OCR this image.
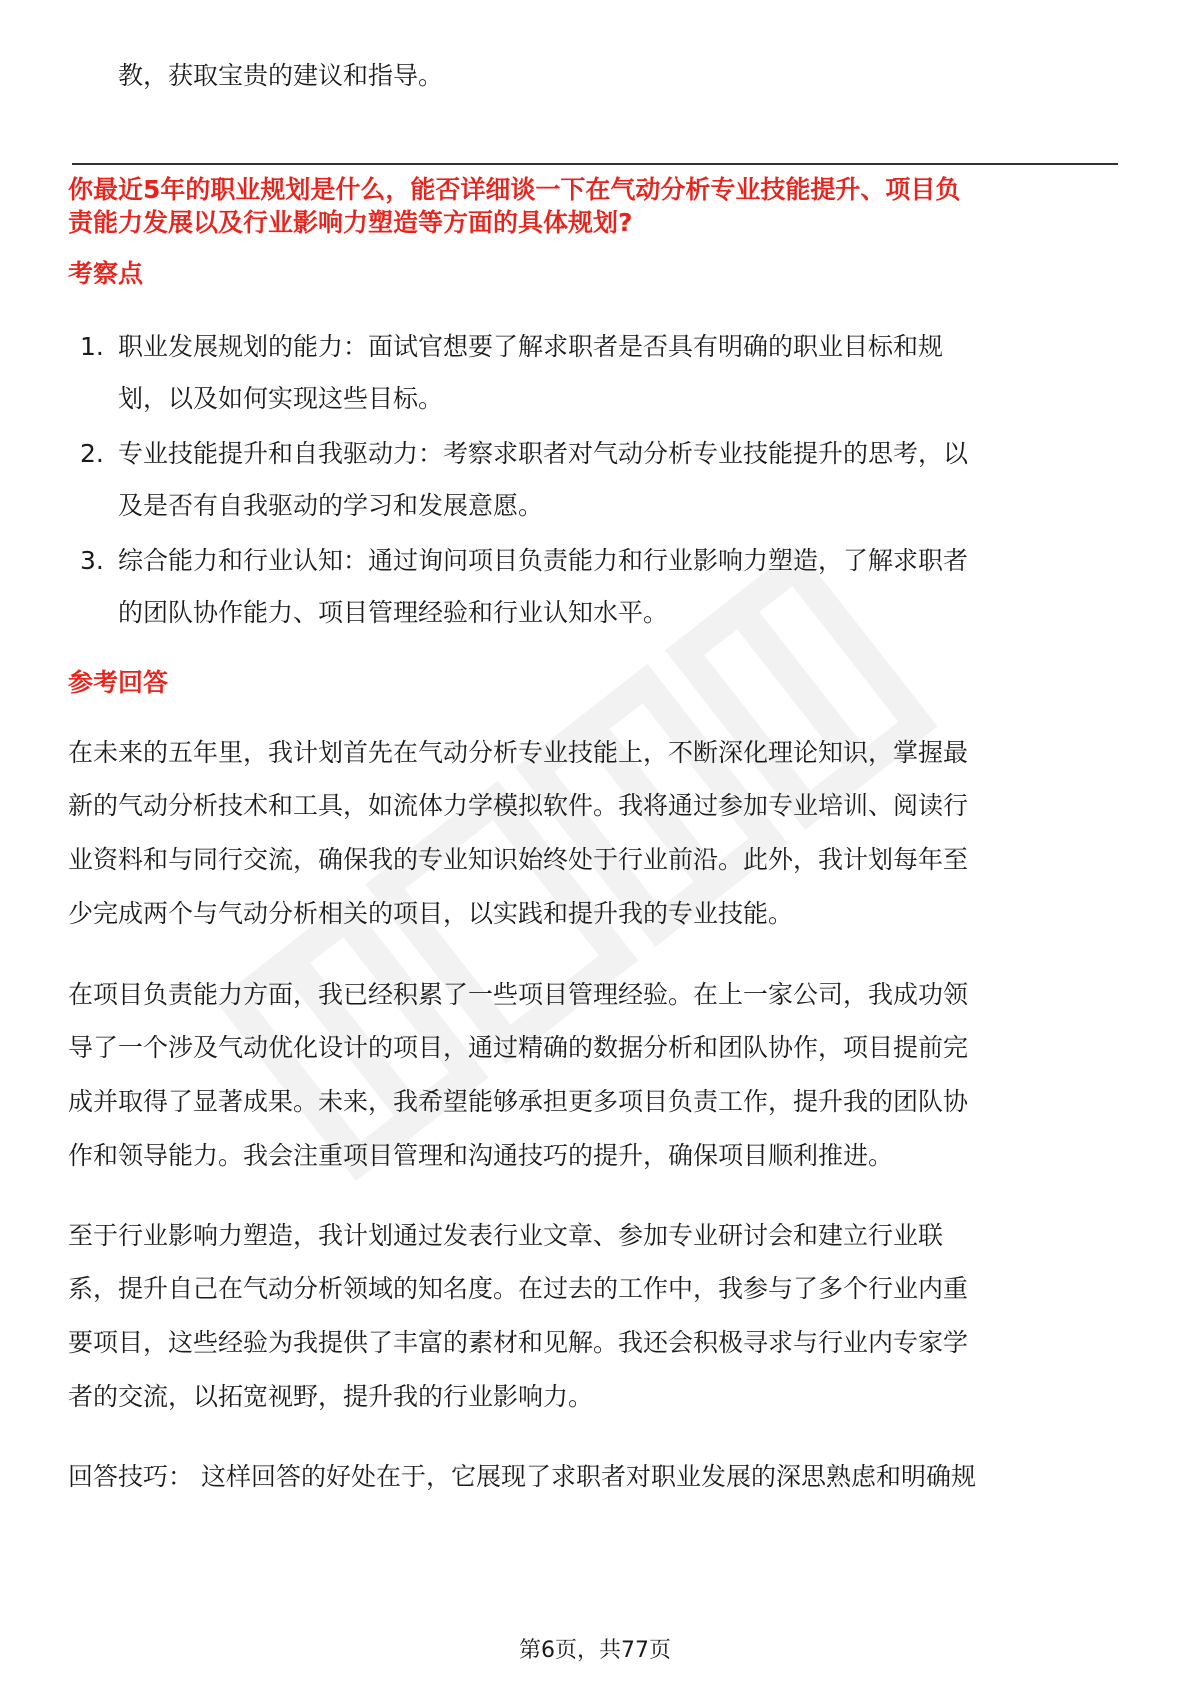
教，获取宝贵的建议和指导。

你最近5年的职业规划是什么，能否详细谈一下在气动分析专业技能提升、项目负

责能力发展以及行业影响力塑造等方面的具体规划?

考察点

1. 职业发展规划的能力：面试官想要了解求职者是否具有明确的职业目标和规

划，以及如何实现这些目标。

2. 专业技能提升和自我驱动力：考察求职者对气动分析专业技能提升的思考，以

及是否有自我驱动的学习和发展意愿。

3. 综合能力和行业认知：通过询问项目负责能力和行业影响力塑造，了解求职者

的团队协作能力、项目管理经验和行业认知水平。

参考回答

在未来的五年里，我计划首先在气动分析专业技能上，不断深化理论知识，掌握最

新的气动分析技术和工具，如流体力学模拟软件。我将通过参加专业培训、阅读行

业资料和与同行交流，确保我的专业知识始终处于行业前沿。此外，我计划每年至

少完成两个与气动分析相关的项目，以实践和提升我的专业技能。

在项目负责能力方面，我已经积累了一些项目管理经验。在上一家公司，我成功领

导了一个涉及气动优化设计的项目，通过精确的数据分析和团队协作，项目提前完

成并取得了显著成果。未来，我希望能够承担更多项目负责工作，提升我的团队协

作和领导能力。我会注重项目管理和沟通技巧的提升，确保项目顺利推进。

至于行业影响力塑造，我计划通过发表行业文章、参加专业研讨会和建立行业联

系，提升自己在气动分析领域的知名度。在过去的工作中，我参与了多个行业内重

要项目，这些经验为我提供了丰富的素材和见解。我还会积极寻求与行业内专家学

者的交流，以拓宽视野，提升我的行业影响力。

回答技巧： 这样回答的好处在于，它展现了求职者对职业发展的深思熟虑和明确规

第6页，共77页
